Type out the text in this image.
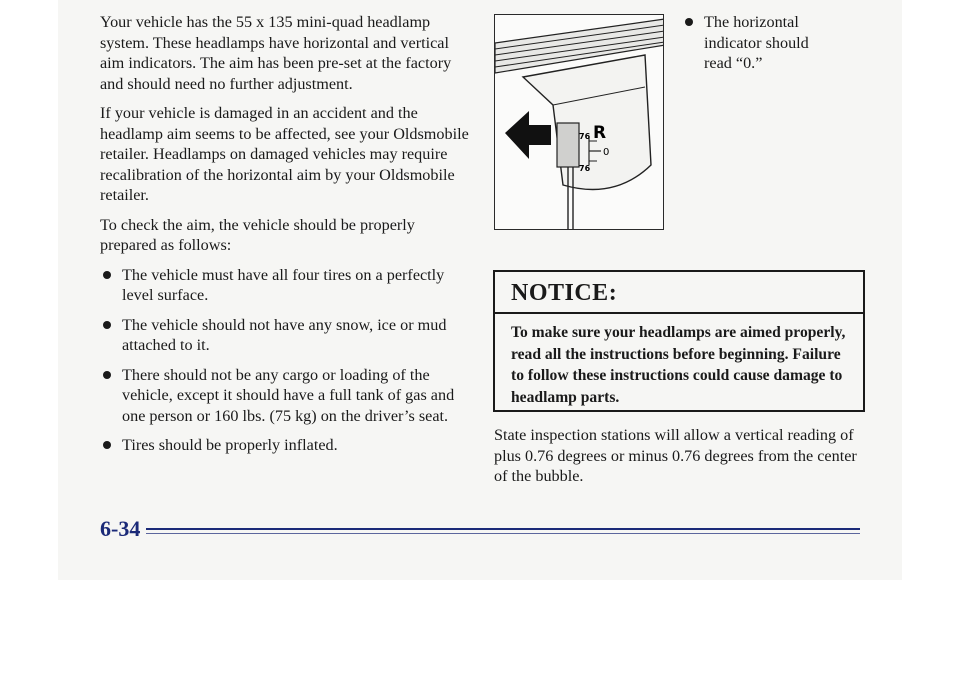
Your vehicle has the 55 x 135 mini-quad headlamp system. These headlamps have horizontal and vertical aim indicators. The aim has been pre-set at the factory and should need no further adjustment.

If your vehicle is damaged in an accident and the headlamp aim seems to be affected, see your Oldsmobile retailer. Headlamps on damaged vehicles may require recalibration of the horizontal aim by your Oldsmobile retailer.

To check the aim, the vehicle should be properly prepared as follows:

The vehicle must have all four tires on a perfectly level surface.
The vehicle should not have any snow, ice or mud attached to it.
There should not be any cargo or loading of the vehicle, except it should have a full tank of gas and one person or 160 lbs. (75 kg) on the driver’s seat.
Tires should be properly inflated.
76 R
0
76
The horizontal indicator should read “0.”
NOTICE:
To make sure your headlamps are aimed properly, read all the instructions before beginning. Failure to follow these instructions could cause damage to headlamp parts.
State inspection stations will allow a vertical reading of plus 0.76 degrees or minus 0.76 degrees from the center of the bubble.
6-34
